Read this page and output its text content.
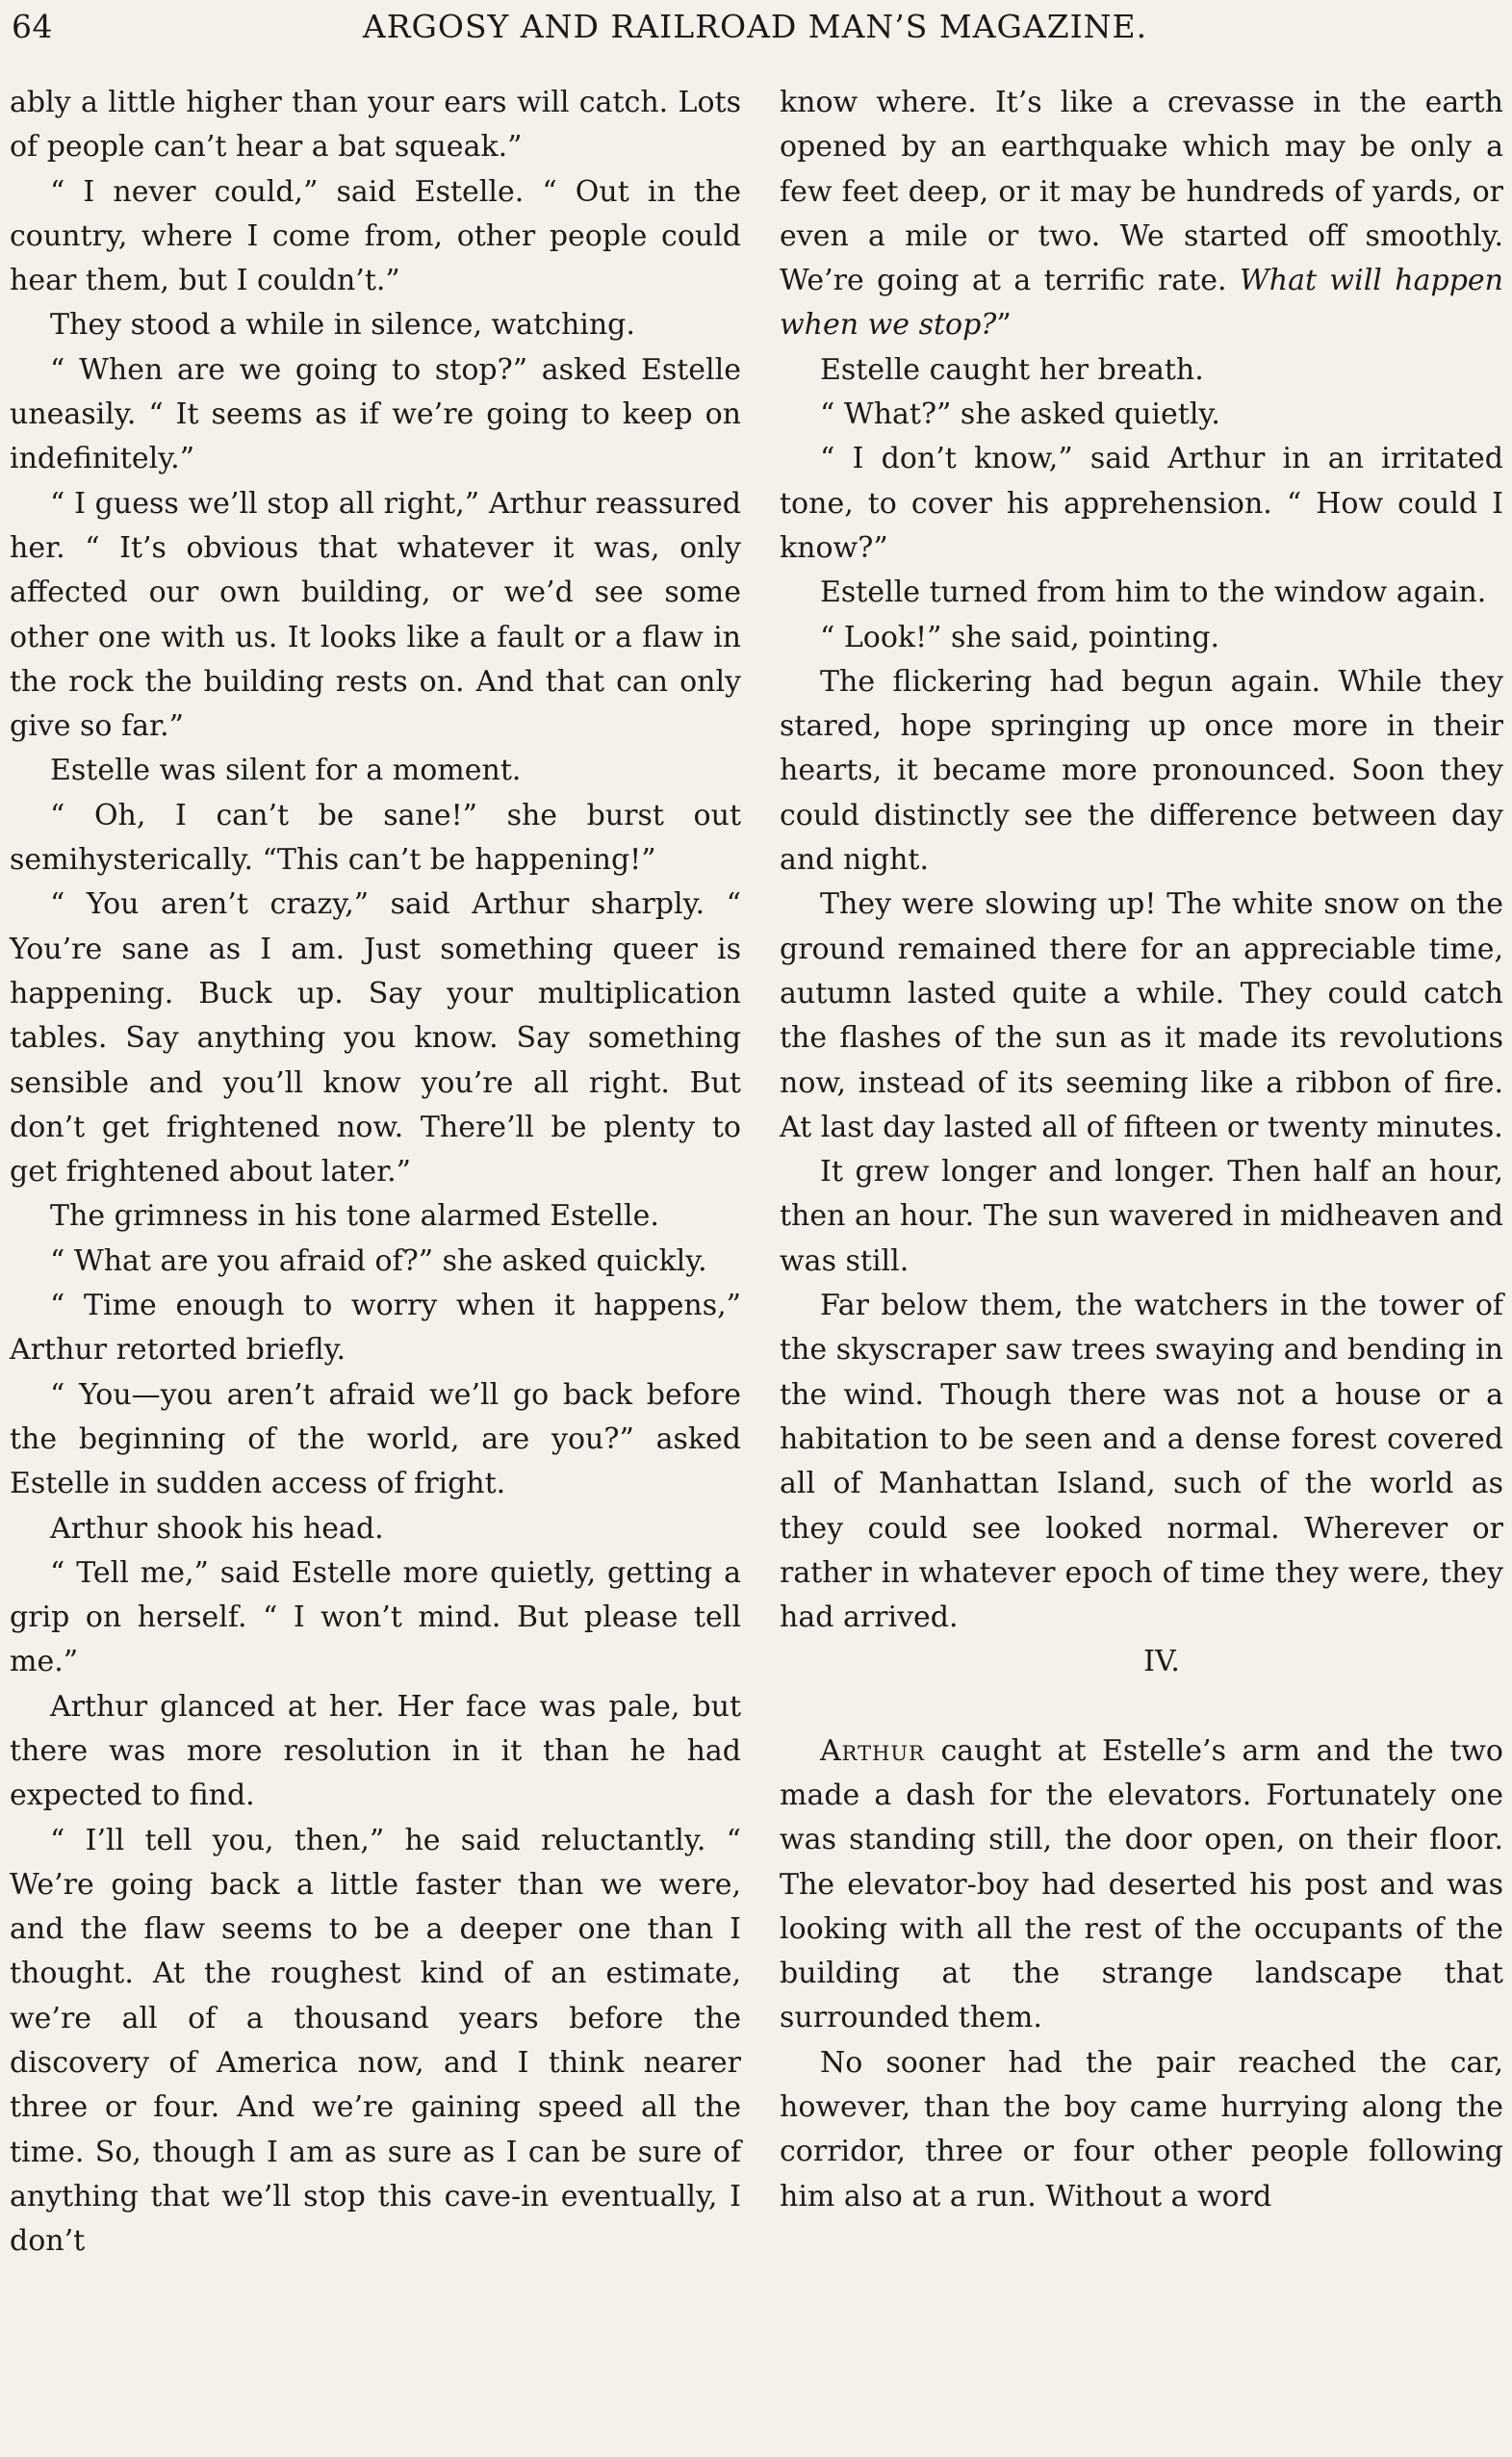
64	ARGOSY AND RAILROAD MAN’S MAGAZINE.

ably a little higher than your ears will catch. Lots of people can’t hear a bat squeak.”

“ I never could,” said Estelle. “ Out in the country, where I come from, other people could hear them, but I couldn’t.”

They stood a while in silence, watching.

“ When are we going to stop?” asked Estelle uneasily. “ It seems as if we’re going to keep on indefinitely.”

“ I guess we’ll stop all right,” Arthur reassured her. “ It’s obvious that whatever it was, only affected our own building, or we’d see some other one with us. It looks like a fault or a flaw in the rock the building rests on. And that can only give so far.”

Estelle was silent for a moment.

“ Oh, I can’t be sane!” she burst out semihysterically. “This can’t be happening!”

“ You aren’t crazy,” said Arthur sharply. “ You’re sane as I am. Just something queer is happening. Buck up. Say your multiplication tables. Say anything you know. Say something sensible and you’ll know you’re all right. But don’t get frightened now. There’ll be plenty to get frightened about later.”

The grimness in his tone alarmed Estelle.

“ What are you afraid of?” she asked quickly.

“ Time enough to worry when it happens,” Arthur retorted briefly.

“ You—you aren’t afraid we’ll go back before the beginning of the world, are you?” asked Estelle in sudden access of fright.

Arthur shook his head.

“ Tell me,” said Estelle more quietly, getting a grip on herself. “ I won’t mind. But please tell me.”

Arthur glanced at her. Her face was pale, but there was more resolution in it than he had expected to find.

“ I’ll tell you, then,” he said reluctantly. “ We’re going back a little faster than we were, and the flaw seems to be a deeper one than I thought. At the roughest kind of an estimate, we’re all of a thousand years before the discovery of America now, and I think nearer three or four. And we’re gaining speed all the time. So, though I am as sure as I can be sure of anything that we’ll stop this cave-in eventually, I don’t

know where. It’s like a crevasse in the earth opened by an earthquake which may be only a few feet deep, or it may be hundreds of yards, or even a mile or two. We started off smoothly. We’re going at a terrific rate. What will happen when we stop?”

Estelle caught her breath.

“ What?” she asked quietly.

“ I don’t know,” said Arthur in an irritated tone, to cover his apprehension. “ How could I know?”

Estelle turned from him to the window again.

“ Look!” she said, pointing.

The flickering had begun again. While they stared, hope springing up once more in their hearts, it became more pronounced. Soon they could distinctly see the difference between day and night.

They were slowing up! The white snow on the ground remained there for an appreciable time, autumn lasted quite a while. They could catch the flashes of the sun as it made its revolutions now, instead of its seeming like a ribbon of fire. At last day lasted all of fifteen or twenty minutes.

It grew longer and longer. Then half an hour, then an hour. The sun wavered in midheaven and was still.

Far below them, the watchers in the tower of the skyscraper saw trees swaying and bending in the wind. Though there was not a house or a habitation to be seen and a dense forest covered all of Manhattan Island, such of the world as they could see looked normal. Wherever or rather in whatever epoch of time they were, they had arrived.

IV.

Arthur caught at Estelle’s arm and the two made a dash for the elevators. Fortunately one was standing still, the door open, on their floor. The elevator-boy had deserted his post and was looking with all the rest of the occupants of the building at the strange landscape that surrounded them.

No sooner had the pair reached the car, however, than the boy came hurrying along the corridor, three or four other people following him also at a run. Without a word
